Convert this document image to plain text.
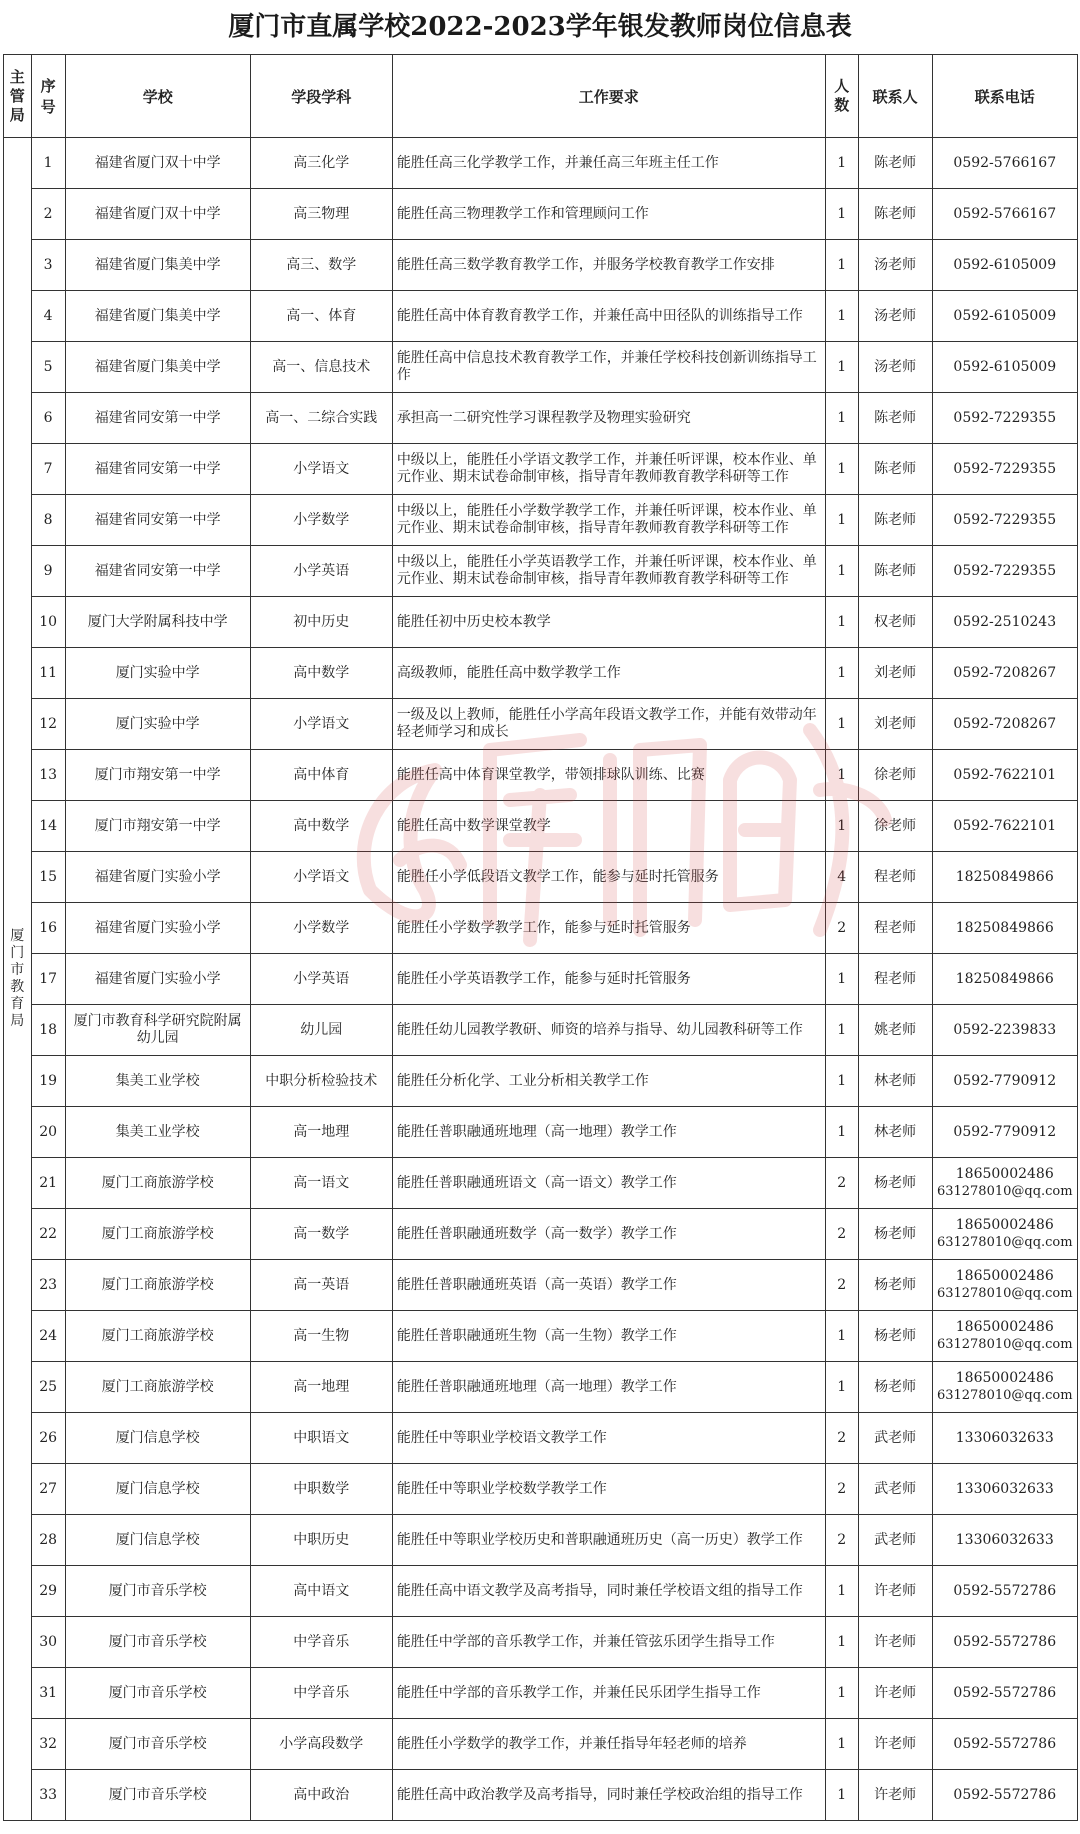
厦门市直属学校2022-2023学年银发教师岗位信息表
主管局	序号	学校	学段学科	工作要求	人数	联系人	联系电话
厦门市教育局	1	福建省厦门双十中学	高三化学	能胜任高三化学教学工作，并兼任高三年班主任工作	1	陈老师	0592-5766167

	2	福建省厦门双十中学	高三物理	能胜任高三物理教学工作和管理顾问工作	1	陈老师	0592-5766167

	3	福建省厦门集美中学	高三、数学	能胜任高三数学教育教学工作，并服务学校教育教学工作安排	1	汤老师	0592-6105009

	4	福建省厦门集美中学	高一、体育	能胜任高中体育教育教学工作，并兼任高中田径队的训练指导工作	1	汤老师	0592-6105009

	5	福建省厦门集美中学	高一、信息技术	能胜任高中信息技术教育教学工作，并兼任学校科技创新训练指导工作	1	汤老师	0592-6105009

	6	福建省同安第一中学	高一、二综合实践	承担高一二研究性学习课程教学及物理实验研究	1	陈老师	0592-7229355

	7	福建省同安第一中学	小学语文	中级以上，能胜任小学语文教学工作，并兼任听评课，校本作业、单元作业、期末试卷命制审核，指导青年教师教育教学科研等工作	1	陈老师	0592-7229355

	8	福建省同安第一中学	小学数学	中级以上，能胜任小学数学教学工作，并兼任听评课，校本作业、单元作业、期末试卷命制审核，指导青年教师教育教学科研等工作	1	陈老师	0592-7229355

	9	福建省同安第一中学	小学英语	中级以上，能胜任小学英语教学工作，并兼任听评课，校本作业、单元作业、期末试卷命制审核，指导青年教师教育教学科研等工作	1	陈老师	0592-7229355

	10	厦门大学附属科技中学	初中历史	能胜任初中历史校本教学	1	权老师	0592-2510243

	11	厦门实验中学	高中数学	高级教师，能胜任高中数学教学工作	1	刘老师	0592-7208267

	12	厦门实验中学	小学语文	一级及以上教师，能胜任小学高年段语文教学工作，并能有效带动年轻老师学习和成长	1	刘老师	0592-7208267

	13	厦门市翔安第一中学	高中体育	能胜任高中体育课堂教学，带领排球队训练、比赛	1	徐老师	0592-7622101

	14	厦门市翔安第一中学	高中数学	能胜任高中数学课堂教学	1	徐老师	0592-7622101

	15	福建省厦门实验小学	小学语文	能胜任小学低段语文教学工作，能参与延时托管服务	4	程老师	18250849866

	16	福建省厦门实验小学	小学数学	能胜任小学数学教学工作，能参与延时托管服务	2	程老师	18250849866

	17	福建省厦门实验小学	小学英语	能胜任小学英语教学工作，能参与延时托管服务	1	程老师	18250849866

	18	厦门市教育科学研究院附属幼儿园	幼儿园	能胜任幼儿园教学教研、师资的培养与指导、幼儿园教科研等工作	1	姚老师	0592-2239833

	19	集美工业学校	中职分析检验技术	能胜任分析化学、工业分析相关教学工作	1	林老师	0592-7790912

	20	集美工业学校	高一地理	能胜任普职融通班地理（高一地理）教学工作	1	林老师	0592-7790912

	21	厦门工商旅游学校	高一语文	能胜任普职融通班语文（高一语文）教学工作	2	杨老师	18650002486
631278010@qq.com

	22	厦门工商旅游学校	高一数学	能胜任普职融通班数学（高一数学）教学工作	2	杨老师	18650002486
631278010@qq.com

	23	厦门工商旅游学校	高一英语	能胜任普职融通班英语（高一英语）教学工作	2	杨老师	18650002486
631278010@qq.com

	24	厦门工商旅游学校	高一生物	能胜任普职融通班生物（高一生物）教学工作	1	杨老师	18650002486
631278010@qq.com

	25	厦门工商旅游学校	高一地理	能胜任普职融通班地理（高一地理）教学工作	1	杨老师	18650002486
631278010@qq.com

	26	厦门信息学校	中职语文	能胜任中等职业学校语文教学工作	2	武老师	13306032633

	27	厦门信息学校	中职数学	能胜任中等职业学校数学教学工作	2	武老师	13306032633

	28	厦门信息学校	中职历史	能胜任中等职业学校历史和普职融通班历史（高一历史）教学工作	2	武老师	13306032633

	29	厦门市音乐学校	高中语文	能胜任高中语文教学及高考指导，同时兼任学校语文组的指导工作	1	许老师	0592-5572786

	30	厦门市音乐学校	中学音乐	能胜任中学部的音乐教学工作，并兼任管弦乐团学生指导工作	1	许老师	0592-5572786

	31	厦门市音乐学校	中学音乐	能胜任中学部的音乐教学工作，并兼任民乐团学生指导工作	1	许老师	0592-5572786

	32	厦门市音乐学校	小学高段数学	能胜任小学数学的教学工作，并兼任指导年轻老师的培养	1	许老师	0592-5572786

	33	厦门市音乐学校	高中政治	能胜任高中政治教学及高考指导，同时兼任学校政治组的指导工作	1	许老师	0592-5572786
